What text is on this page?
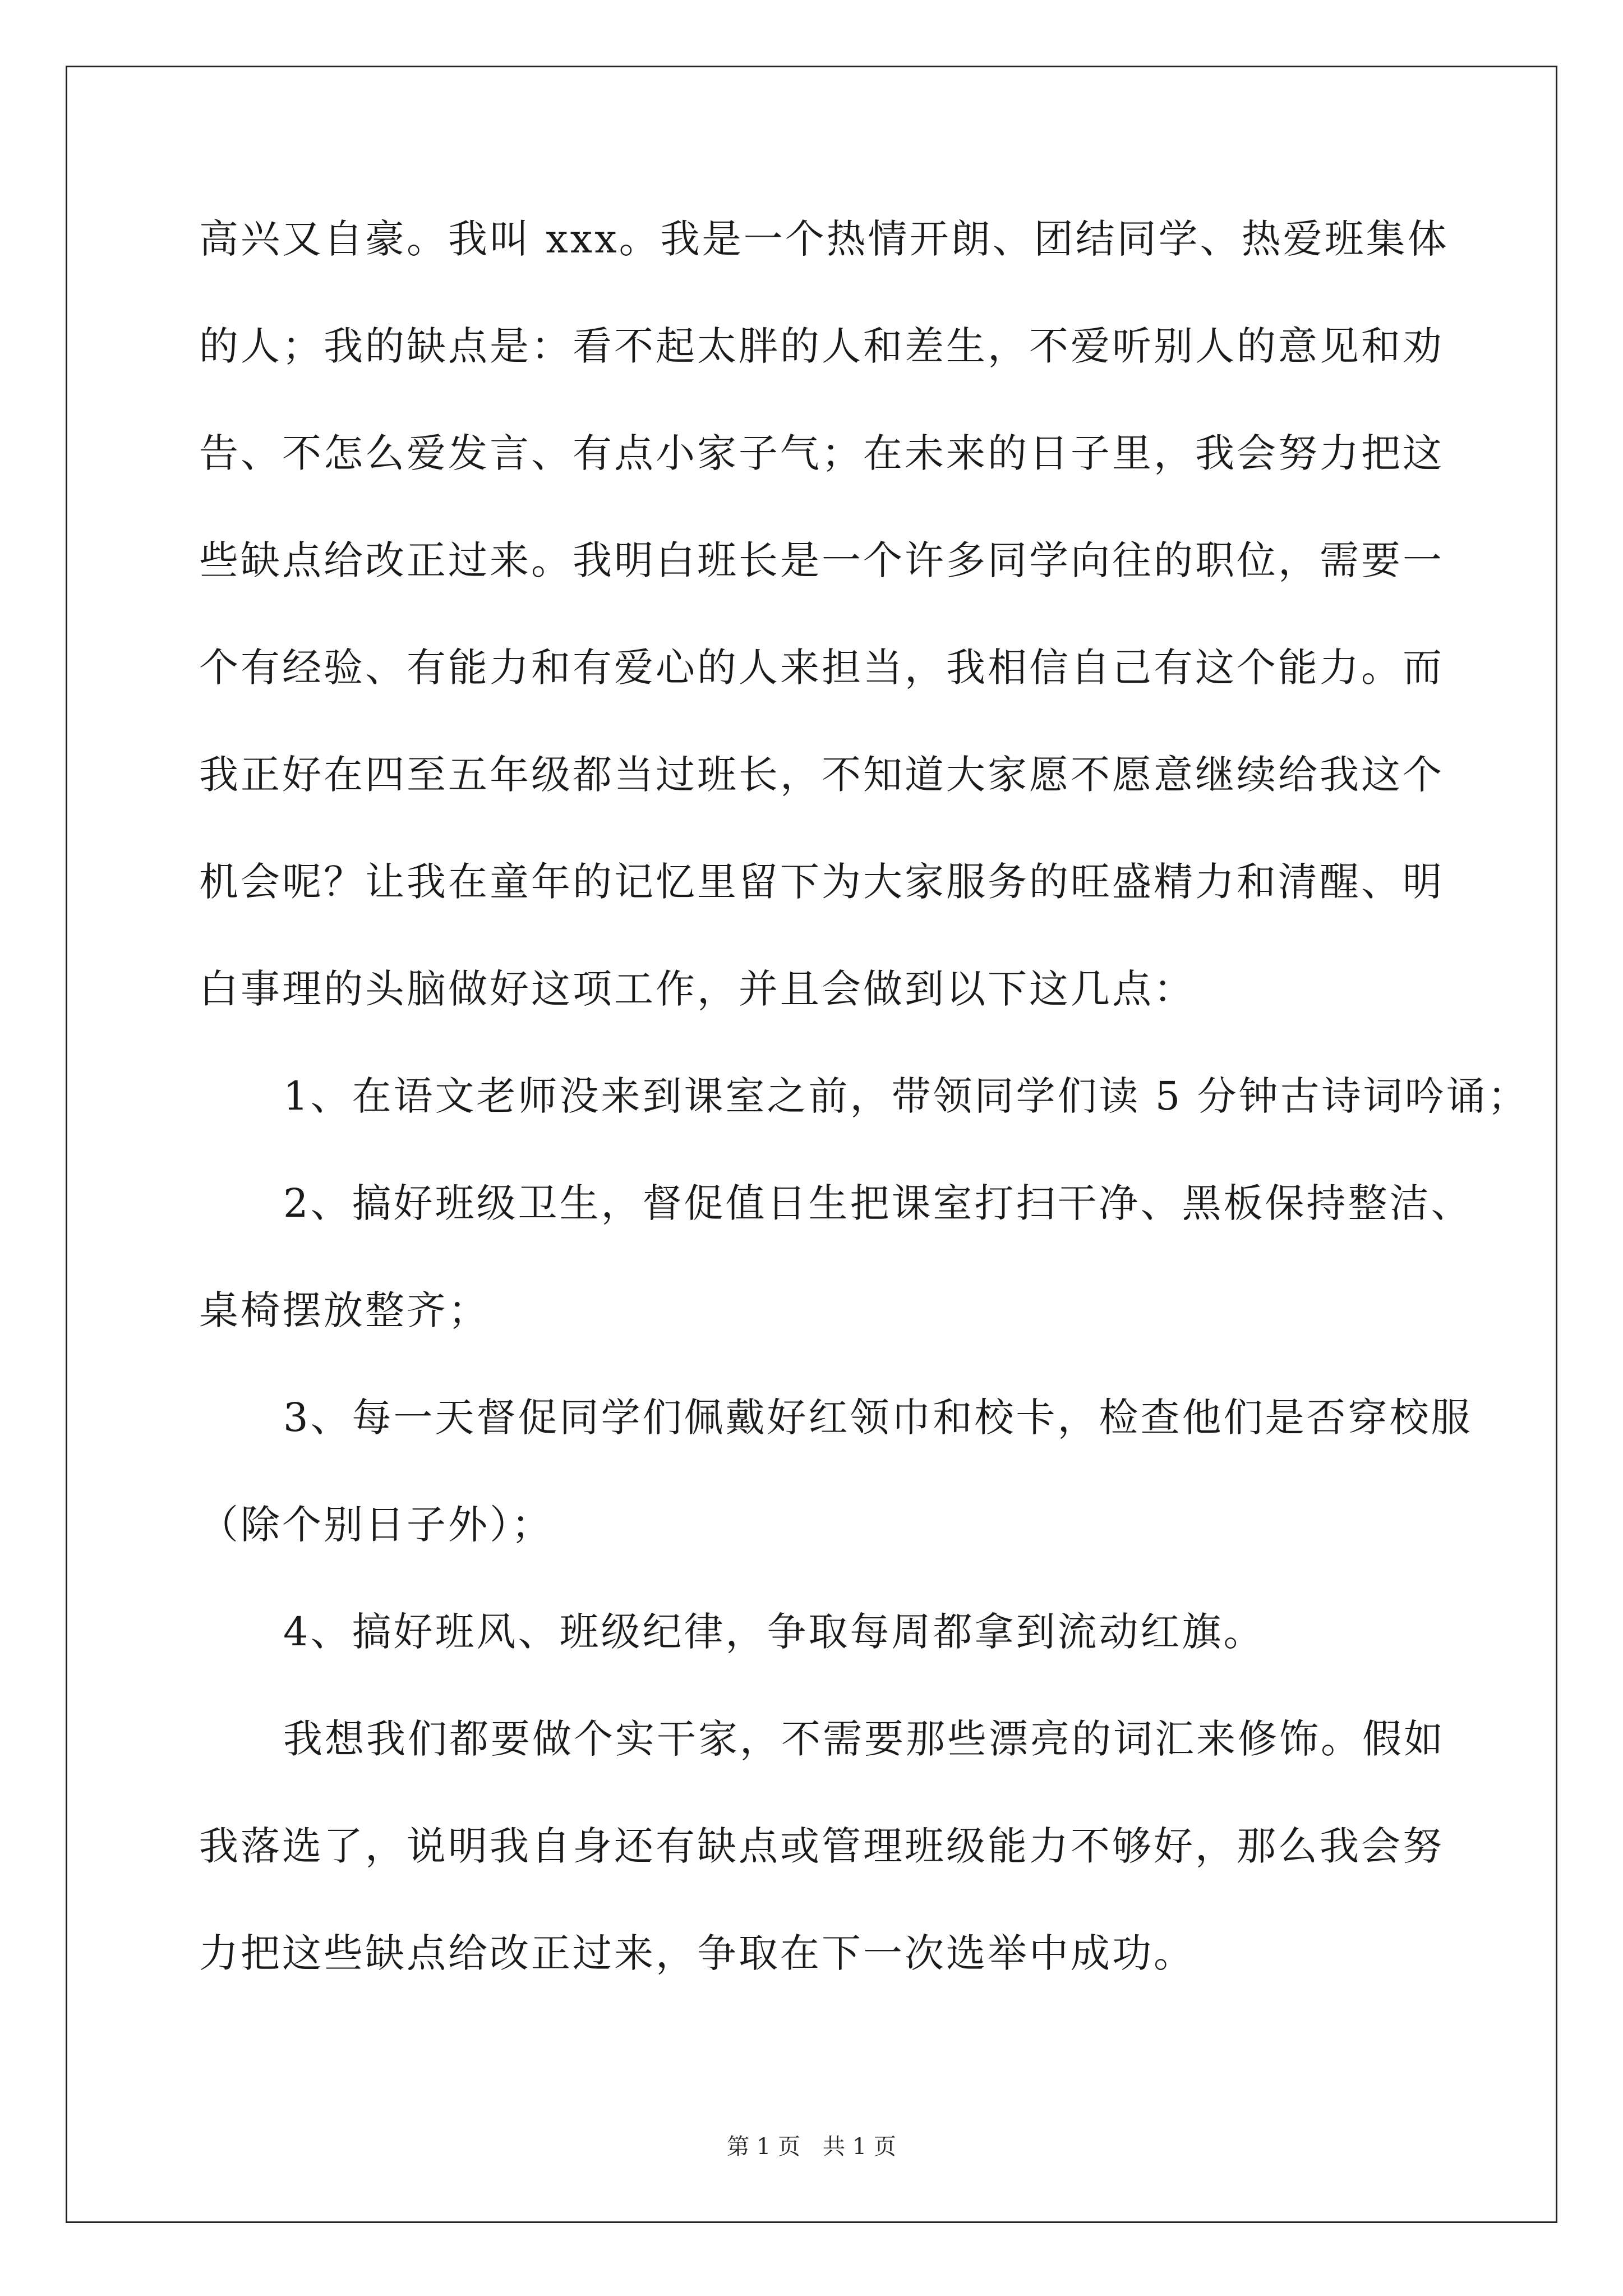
高兴又自豪。我叫 xxx。我是一个热情开朗、团结同学、热爱班集体
的人；我的缺点是：看不起太胖的人和差生，不爱听别人的意见和劝
告、不怎么爱发言、有点小家子气；在未来的日子里，我会努力把这
些缺点给改正过来。我明白班长是一个许多同学向往的职位，需要一
个有经验、有能力和有爱心的人来担当，我相信自己有这个能力。而
我正好在四至五年级都当过班长，不知道大家愿不愿意继续给我这个
机会呢？让我在童年的记忆里留下为大家服务的旺盛精力和清醒、明
白事理的头脑做好这项工作，并且会做到以下这几点：
1、在语文老师没来到课室之前，带领同学们读 5 分钟古诗词吟诵；
2、搞好班级卫生，督促值日生把课室打扫干净、黑板保持整洁、
桌椅摆放整齐；
3、每一天督促同学们佩戴好红领巾和校卡，检查他们是否穿校服
（除个别日子外）；
4、搞好班风、班级纪律，争取每周都拿到流动红旗。
我想我们都要做个实干家，不需要那些漂亮的词汇来修饰。假如
我落选了，说明我自身还有缺点或管理班级能力不够好，那么我会努
力把这些缺点给改正过来，争取在下一次选举中成功。
第 1 页　共 1 页
